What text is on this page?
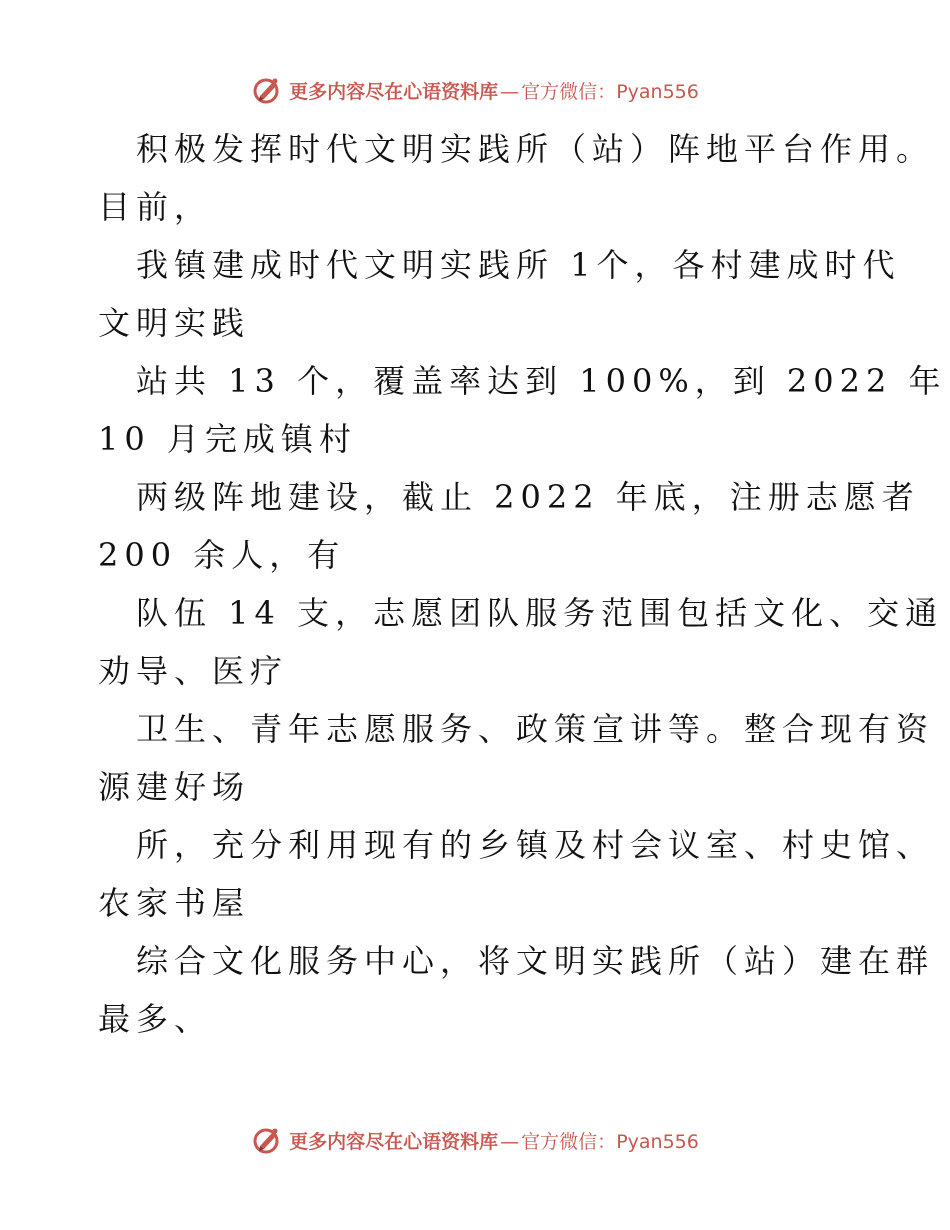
更多内容尽在心语资料库 — 官方微信：Pyan556

积极发挥时代文明实践所（站）阵地平台作用。
目前，

我镇建成时代文明实践所 1个，各村建成时代
文明实践

站共 13 个，覆盖率达到 100%，到 2022 年
10 月完成镇村

两级阵地建设，截止 2022 年底，注册志愿者
200 余人，有

队伍 14 支，志愿团队服务范围包括文化、交通
劝导、医疗

卫生、青年志愿服务、政策宣讲等。整合现有资
源建好场

所，充分利用现有的乡镇及村会议室、村史馆、
农家书屋

综合文化服务中心，将文明实践所（站）建在群
最多、

更多内容尽在心语资料库 — 官方微信：Pyan556
